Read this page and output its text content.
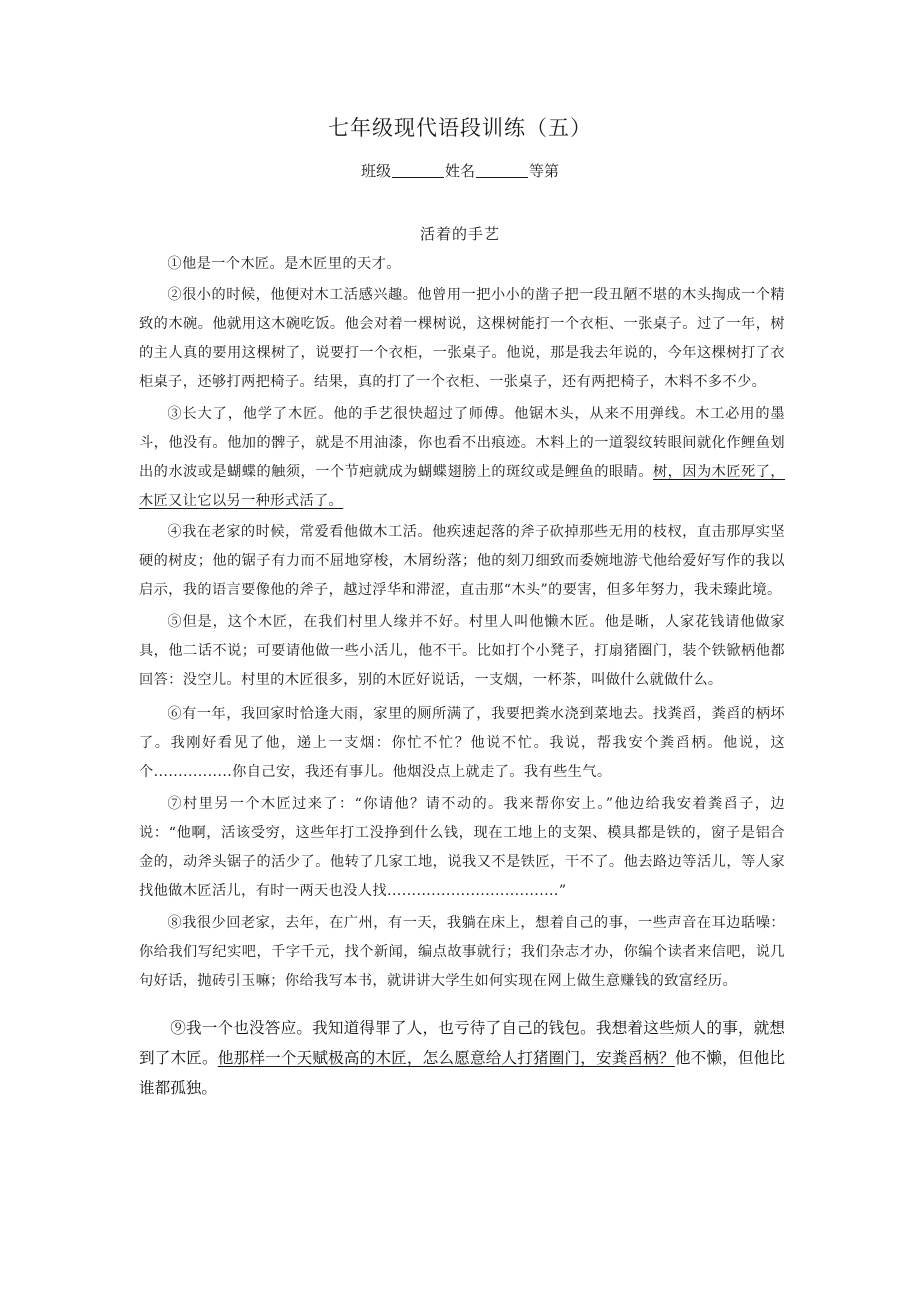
七年级现代语段训练（五）
班级	姓名	等第
活着的手艺

①他是一个木匠。是木匠里的天才。

②很小的时候，他便对木工活感兴趣。他曾用一把小小的凿子把一段丑陋不堪的木头掏成一个精致的木碗。他就用这木碗吃饭。他会对着一棵树说，这棵树能打一个衣柜、一张桌子。过了一年，树的主人真的要用这棵树了，说要打一个衣柜，一张桌子。他说，那是我去年说的，今年这棵树打了衣柜桌子，还够打两把椅子。结果，真的打了一个衣柜、一张桌子，还有两把椅子，木料不多不少。

③长大了，他学了木匠。他的手艺很快超过了师傅。他锯木头，从来不用弹线。木工必用的墨斗，他没有。他加的髀子，就是不用油漆，你也看不出痕迹。木料上的一道裂纹转眼间就化作鲤鱼划出的水波或是蝴蝶的触须，一个节疤就成为蝴蝶翅膀上的斑纹或是鲤鱼的眼睛。树，因为木匠死了，木匠又让它以另一种形式活了。

④我在老家的时候，常爱看他做木工活。他疾速起落的斧子砍掉那些无用的枝杈，直击那厚实坚硬的树皮；他的锯子有力而不屈地穿梭，木屑纷落；他的刻刀细致而委婉地游弋他给爱好写作的我以启示，我的语言要像他的斧子，越过浮华和滞涩，直击那“木头”的要害，但多年努力，我未臻此境。

⑤但是，这个木匠，在我们村里人缘并不好。村里人叫他懒木匠。他是晰，人家花钱请他做家具，他二话不说；可要请他做一些小活儿，他不干。比如打个小凳子，打扇猪圈门，装个铁锨柄他都回答：没空儿。村里的木匠很多，别的木匠好说话，一支烟，一杯茶，叫做什么就做什么。

⑥有一年，我回家时恰逢大雨，家里的厕所满了，我要把粪水浇到菜地去。找粪舀，粪舀的柄坏了。我刚好看见了他，递上一支烟：你忙不忙？他说不忙。我说，帮我安个粪舀柄。他说，这个................你自己安，我还有事儿。他烟没点上就走了。我有些生气。

⑦村里另一个木匠过来了：“你请他？请不动的。我来帮你安上。”他边给我安着粪舀子，边说：“他啊，活该受穷，这些年打工没挣到什么钱，现在工地上的支架、模具都是铁的，窗子是铝合金的，动斧头锯子的活少了。他转了几家工地，说我又不是铁匠，干不了。他去路边等活儿，等人家找他做木匠活儿，有时一两天也没人找...................................”

⑧我很少回老家，去年，在广州，有一天，我躺在床上，想着自己的事，一些声音在耳边聒噪：你给我们写纪实吧，千字千元，找个新闻，编点故事就行；我们杂志才办，你编个读者来信吧，说几句好话，抛砖引玉嘛；你给我写本书，就讲讲大学生如何实现在网上做生意赚钱的致富经历。

⑨我一个也没答应。我知道得罪了人，也亏待了自己的钱包。我想着这些烦人的事，就想到了木匠。他那样一个天赋极高的木匠，怎么愿意给人打猪圈门，安粪舀柄？他不懒，但他比谁都孤独。
